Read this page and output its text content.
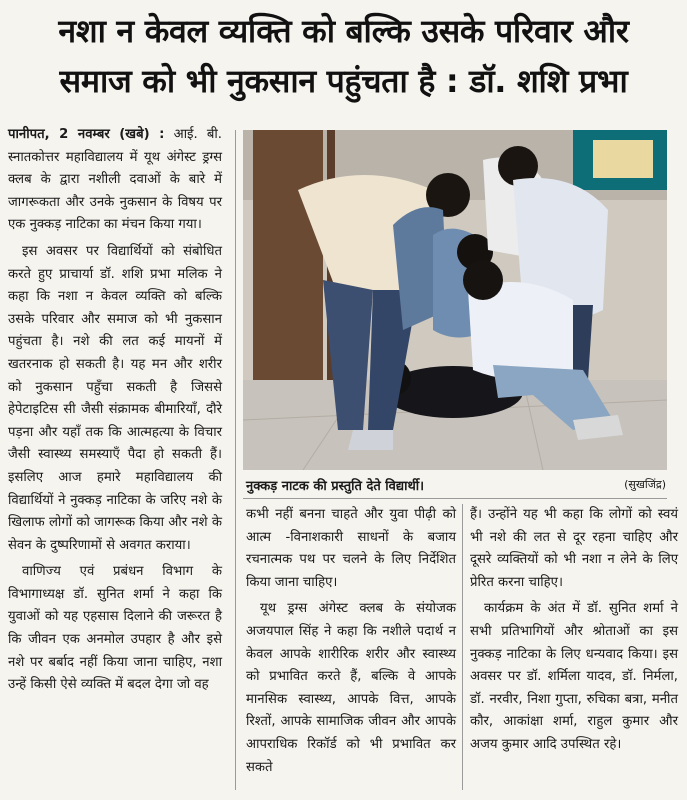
नशा न केवल व्यक्ति को बल्कि उसके परिवार और
समाज को भी नुकसान पहुंचता है : डॉ. शशि प्रभा

पानीपत, 2 नवम्बर (खबे) : आई. बी. स्नातकोत्तर महाविद्यालय में यूथ अंगेस्ट ड्रग्स क्लब के द्वारा नशीली दवाओं के बारे में जागरूकता और उनके नुकसान के विषय पर एक नुक्कड़ नाटिका का मंचन किया गया।

इस अवसर पर विद्यार्थियों को संबोधित करते हुए प्राचार्या डॉ. शशि प्रभा मलिक ने कहा कि नशा न केवल व्यक्ति को बल्कि उसके परिवार और समाज को भी नुकसान पहुंचता है। नशे की लत कई मायनों में खतरनाक हो सकती है। यह मन और शरीर को नुकसान पहुँचा सकती है जिससे हेपेटाइटिस सी जैसी संक्रामक बीमारियाँ, दौरे पड़ना और यहाँ तक कि आत्महत्या के विचार जैसी स्वास्थ्य समस्याएँ पैदा हो सकती हैं। इसलिए आज हमारे महाविद्यालय की विद्यार्थियों ने नुक्कड़ नाटिका के जरिए नशे के खिलाफ लोगों को जागरूक किया और नशे के सेवन के दुष्परिणामों से अवगत कराया।

वाणिज्य एवं प्रबंधन विभाग के विभागाध्यक्ष डॉ. सुनित शर्मा ने कहा कि युवाओं को यह एहसास दिलाने की जरूरत है कि जीवन एक अनमोल उपहार है और इसे नशे पर बर्बाद नहीं किया जाना चाहिए, नशा उन्हें किसी ऐसे व्यक्ति में बदल देगा जो वह

नुक्कड़ नाटक की प्रस्तुति देते विद्यार्थी।	(सुखजिंद्र)

कभी नहीं बनना चाहते और युवा पीढ़ी को आत्म -विनाशकारी साधनों के बजाय रचनात्मक पथ पर चलने के लिए निर्देशित किया जाना चाहिए।

यूथ ड्रग्स अंगेस्ट क्लब के संयोजक अजयपाल सिंह ने कहा कि नशीले पदार्थ न केवल आपके शारीरिक शरीर और स्वास्थ्य को प्रभावित करते हैं, बल्कि वे आपके मानसिक स्वास्थ्य, आपके वित्त, आपके रिश्तों, आपके सामाजिक जीवन और आपके आपराधिक रिकॉर्ड को भी प्रभावित कर सकते

हैं। उन्होंने यह भी कहा कि लोगों को स्वयं भी नशे की लत से दूर रहना चाहिए और दूसरे व्यक्तियों को भी नशा न लेने के लिए प्रेरित करना चाहिए।

कार्यक्रम के अंत में डॉ. सुनित शर्मा ने सभी प्रतिभागियों और श्रोताओं का इस नुक्कड़ नाटिका के लिए धन्यवाद किया। इस अवसर पर डॉ. शर्मिला यादव, डॉ. निर्मला, डॉ. नरवीर, निशा गुप्ता, रुचिका बत्रा, मनीत कौर, आकांक्षा शर्मा, राहुल कुमार और अजय कुमार आदि उपस्थित रहे।
